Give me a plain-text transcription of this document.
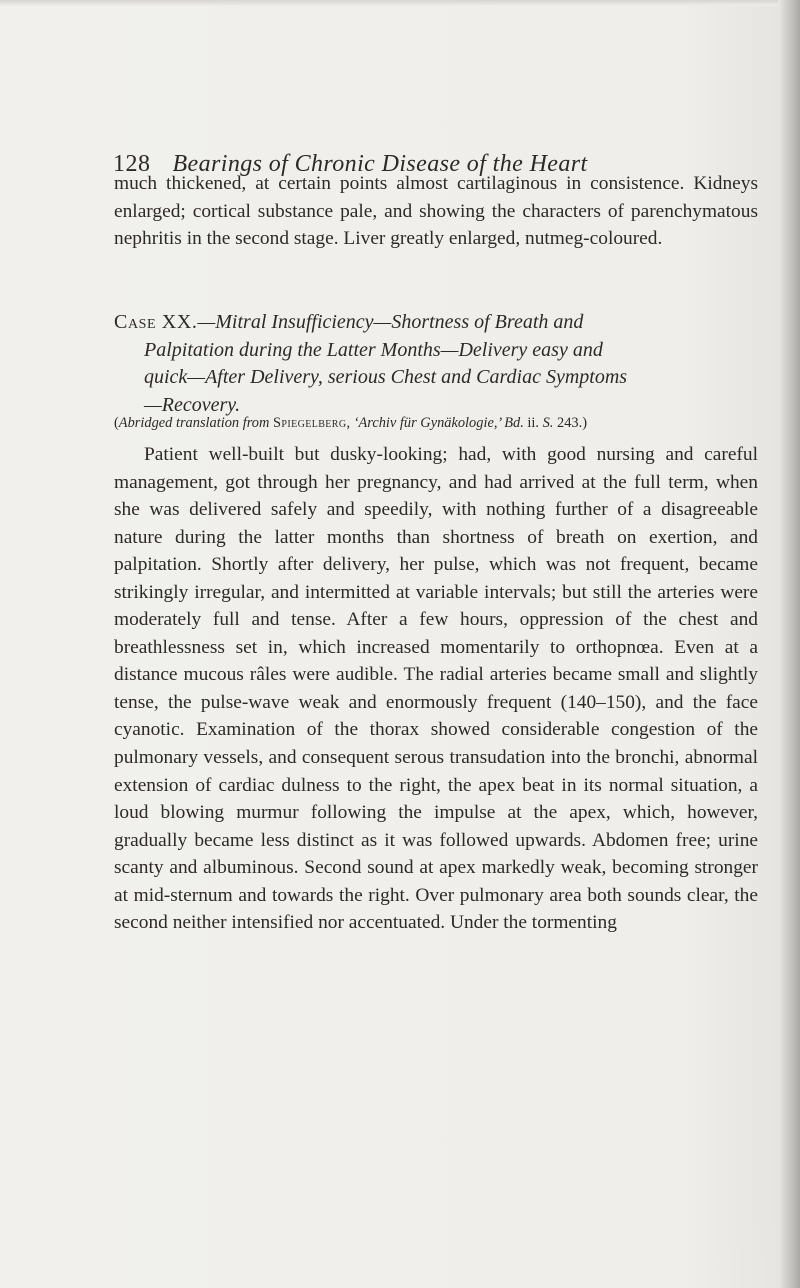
128 Bearings of Chronic Disease of the Heart

much thickened, at certain points almost cartilaginous in consistence. Kidneys enlarged; cortical substance pale, and showing the characters of parenchymatous nephritis in the second stage. Liver greatly enlarged, nutmeg-coloured.

Case XX.—Mitral Insufficiency—Shortness of Breath and
Palpitation during the Latter Months—Delivery easy and
quick—After Delivery, serious Chest and Cardiac Symptoms
—Recovery.
(Abridged translation from Spiegelberg, ‘Archiv für Gynäkologie,’ Bd. ii. S. 243.)

Patient well-built but dusky-looking; had, with good nursing and careful management, got through her pregnancy, and had arrived at the full term, when she was delivered safely and speedily, with nothing further of a disagreeable nature during the latter months than shortness of breath on exertion, and palpitation. Shortly after delivery, her pulse, which was not frequent, became strikingly irregular, and intermitted at variable intervals; but still the arteries were moderately full and tense. After a few hours, oppression of the chest and breathlessness set in, which increased momentarily to orthopnœa. Even at a distance mucous râles were audible. The radial arteries became small and slightly tense, the pulse-wave weak and enormously frequent (140–150), and the face cyanotic. Examination of the thorax showed considerable congestion of the pulmonary vessels, and consequent serous transudation into the bronchi, abnormal extension of cardiac dulness to the right, the apex beat in its normal situation, a loud blowing murmur following the impulse at the apex, which, however, gradually became less distinct as it was followed upwards. Abdomen free; urine scanty and albuminous. Second sound at apex markedly weak, becoming stronger at mid-sternum and towards the right. Over pulmonary area both sounds clear, the second neither intensified nor accentuated. Under the tormenting
